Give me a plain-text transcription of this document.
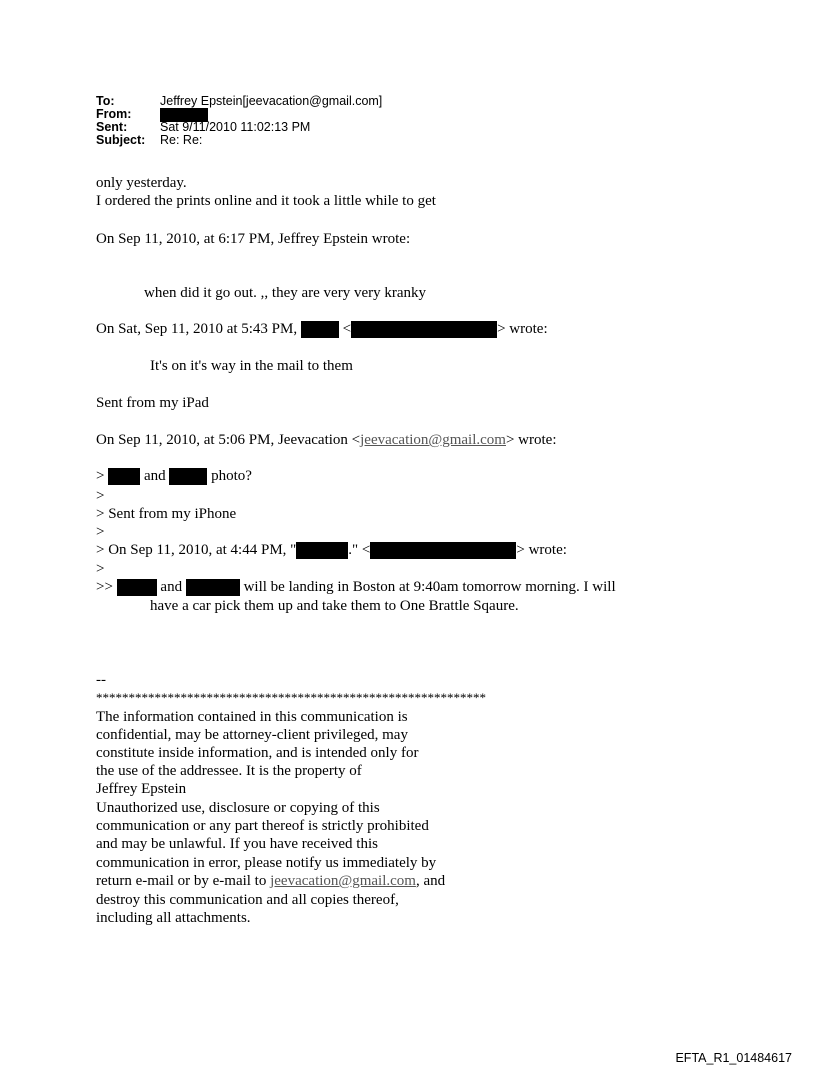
To:	Jeffrey Epstein[jeevacation@gmail.com]
From:
Sent:	Sat 9/11/2010 11:02:13 PM
Subject:	Re: Re:
only yesterday.
I ordered the prints online and it took a little while to get
On Sep 11, 2010, at 6:17 PM, Jeffrey Epstein wrote:
when did it go out. ,, they are very very kranky
On Sat, Sep 11, 2010 at 5:43 PM,	<	> wrote:
It's on it's way in the mail to them
Sent from my iPad
On Sep 11, 2010, at 5:06 PM, Jeevacation <jeevacation@gmail.com> wrote:
>	and	photo?
>
> Sent from my iPhone
>
> On Sep 11, 2010, at 4:44 PM, "	." <	> wrote:
>
>>	and	will be landing in Boston at 9:40am tomorrow morning. I will
have a car pick them up and take them to One Brattle Sqaure.
--
************************************************************
The information contained in this communication is
confidential, may be attorney-client privileged, may
constitute inside information, and is intended only for
the use of the addressee. It is the property of
Jeffrey Epstein
Unauthorized use, disclosure or copying of this
communication or any part thereof is strictly prohibited
and may be unlawful. If you have received this
communication in error, please notify us immediately by
return e-mail or by e-mail to jeevacation@gmail.com, and
destroy this communication and all copies thereof,
including all attachments.
EFTA_R1_01484617
